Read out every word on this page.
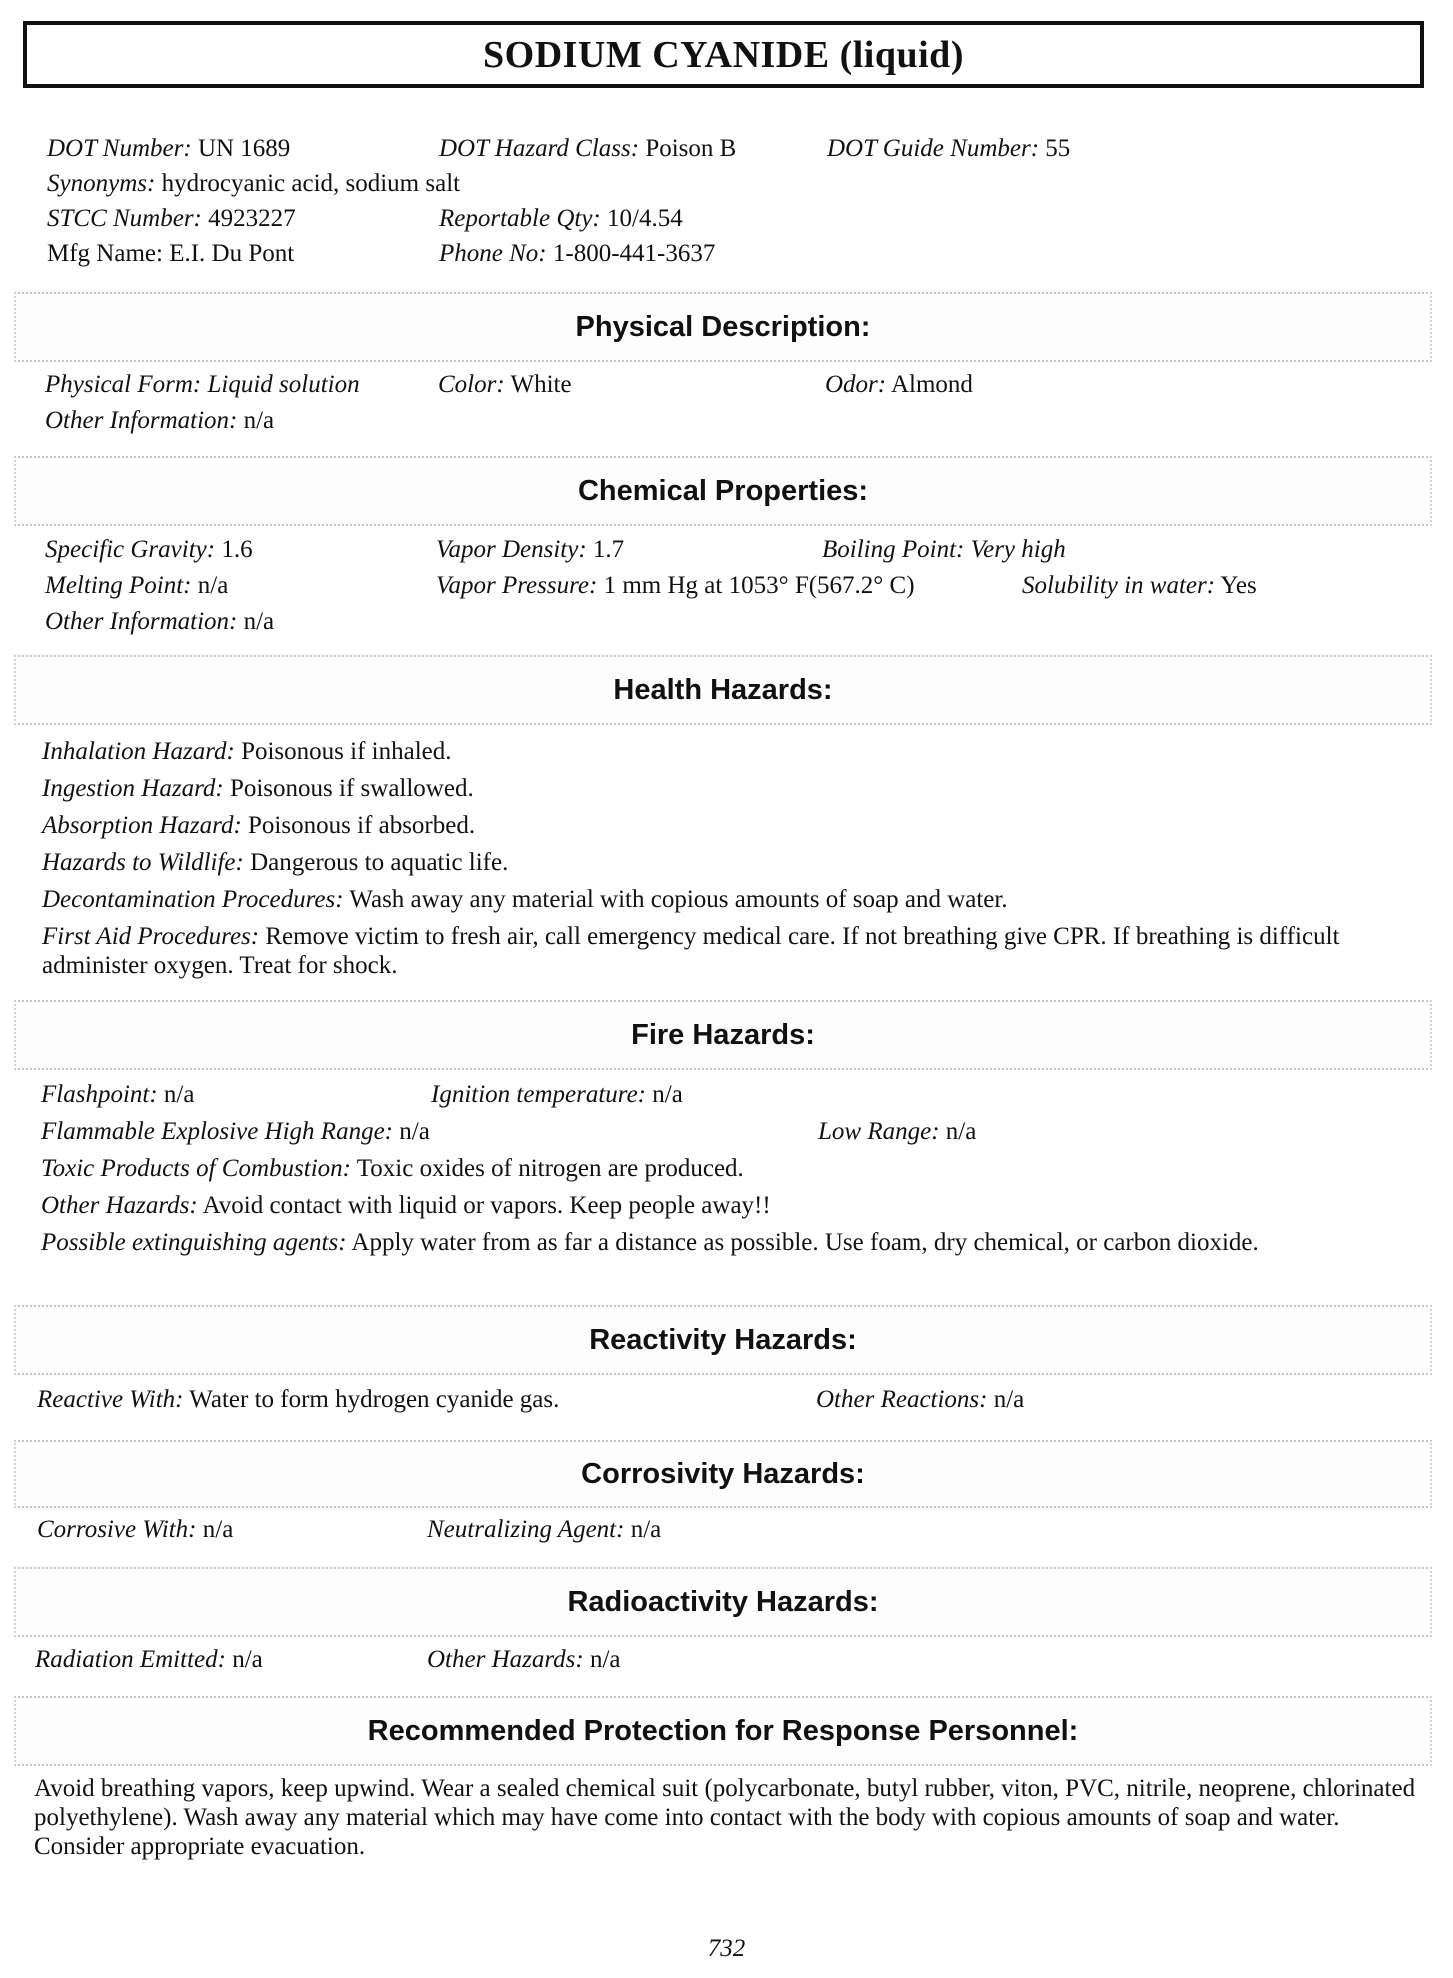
SODIUM CYANIDE (liquid)
DOT Number: UN 1689	DOT Hazard Class: Poison B	DOT Guide Number: 55
Synonyms: hydrocyanic acid, sodium salt
STCC Number: 4923227	Reportable Qty: 10/4.54
Mfg Name: E.I. Du Pont	Phone No: 1-800-441-3637
Physical Description:
Physical Form: Liquid solution	Color: White	Odor: Almond
Other Information: n/a
Chemical Properties:
Specific Gravity: 1.6	Vapor Density: 1.7	Boiling Point: Very high
Melting Point: n/a	Vapor Pressure: 1 mm Hg at 1053° F(567.2° C)	Solubility in water: Yes
Other Information: n/a
Health Hazards:
Inhalation Hazard: Poisonous if inhaled.
Ingestion Hazard: Poisonous if swallowed.
Absorption Hazard: Poisonous if absorbed.
Hazards to Wildlife: Dangerous to aquatic life.
Decontamination Procedures: Wash away any material with copious amounts of soap and water.
First Aid Procedures: Remove victim to fresh air, call emergency medical care. If not breathing give CPR. If breathing is difficult administer oxygen. Treat for shock.
Fire Hazards:
Flashpoint: n/a	Ignition temperature: n/a
Flammable Explosive High Range: n/a	Low Range: n/a
Toxic Products of Combustion: Toxic oxides of nitrogen are produced.
Other Hazards: Avoid contact with liquid or vapors. Keep people away!!
Possible extinguishing agents: Apply water from as far a distance as possible. Use foam, dry chemical, or carbon dioxide.
Reactivity Hazards:
Reactive With: Water to form hydrogen cyanide gas.	Other Reactions: n/a
Corrosivity Hazards:
Corrosive With: n/a	Neutralizing Agent: n/a
Radioactivity Hazards:
Radiation Emitted: n/a	Other Hazards: n/a
Recommended Protection for Response Personnel:
Avoid breathing vapors, keep upwind. Wear a sealed chemical suit (polycarbonate, butyl rubber, viton, PVC, nitrile, neoprene, chlorinated polyethylene). Wash away any material which may have come into contact with the body with copious amounts of soap and water. Consider appropriate evacuation.
732
